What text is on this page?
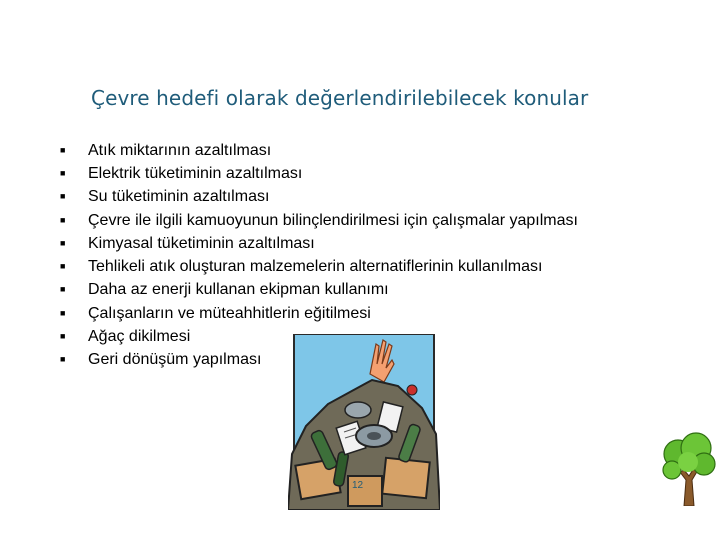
Çevre hedefi olarak değerlendirilebilecek konular
■	Atık miktarının azaltılması
■	Elektrik tüketiminin azaltılması
■	Su tüketiminin azaltılması
■	Çevre ile ilgili kamuoyunun bilinçlendirilmesi için çalışmalar yapılması
■	Kimyasal tüketiminin azaltılması
■	Tehlikeli atık oluşturan malzemelerin alternatiflerinin kullanılması
■	Daha az enerji kullanan ekipman kullanımı
■	Çalışanların ve müteahhitlerin eğitilmesi
■	Ağaç dikilmesi
■	Geri dönüşüm yapılması
12
